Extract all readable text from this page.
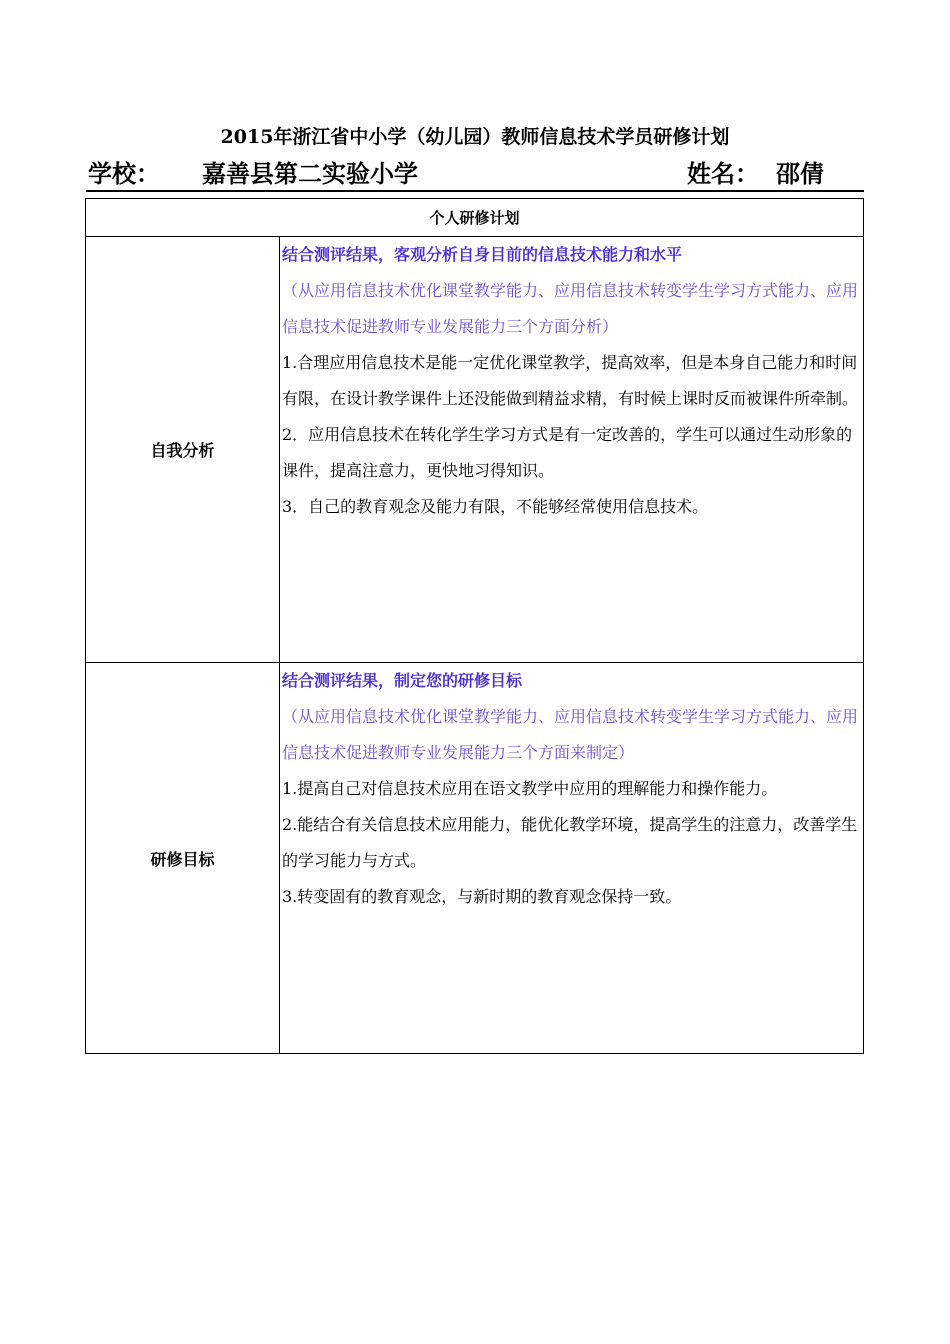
2015年浙江省中小学（幼儿园）教师信息技术学员研修计划
学校： 嘉善县第二实验小学	姓名： 邵倩
个人研修计划	
自我分析	结合测评结果，客观分析自身目前的信息技术能力和水平
（从应用信息技术优化课堂教学能力、应用信息技术转变学生学习方式能力、应用信息技术促进教师专业发展能力三个方面分析）
1.合理应用信息技术是能一定优化课堂教学，提高效率，但是本身自己能力和时间有限，在设计教学课件上还没能做到精益求精，有时候上课时反而被课件所牵制。
2．应用信息技术在转化学生学习方式是有一定改善的，学生可以通过生动形象的课件，提高注意力，更快地习得知识。
3．自己的教育观念及能力有限，不能够经常使用信息技术。

研修目标	结合测评结果，制定您的研修目标
（从应用信息技术优化课堂教学能力、应用信息技术转变学生学习方式能力、应用信息技术促进教师专业发展能力三个方面来制定）
1.提高自己对信息技术应用在语文教学中应用的理解能力和操作能力。
2.能结合有关信息技术应用能力，能优化教学环境，提高学生的注意力，改善学生的学习能力与方式。
3.转变固有的教育观念，与新时期的教育观念保持一致。
